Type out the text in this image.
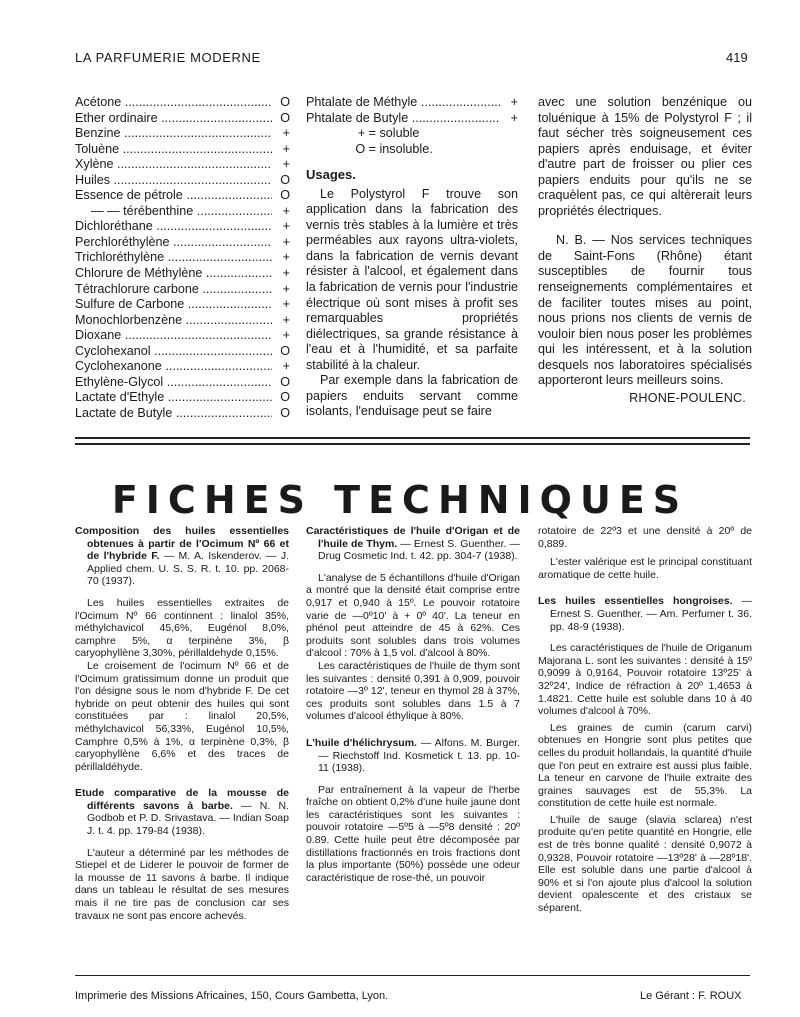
LA PARFUMERIE MODERNE	419
Acétone .....	O
Ether ordinaire .....	O
Benzine .....	+
Toluène .....	+
Xylène .....	+
Huiles .....	O
Essence de pétrole .....	O
— — térébenthine .....	+
Dichloréthane .....	+
Perchloréthylène .....	+
Trichloréthylène .....	+
Chlorure de Méthylène .....	+
Tétrachlorure carbone .....	+
Sulfure de Carbone .....	+
Monochlorbenzène .....	+
Dioxane .....	+
Cyclohexanol .....	O
Cyclohexanone .....	+
Ethylène-Glycol .....	O
Lactate d'Ethyle .....	O
Lactate de Butyle .....	O
Phtalate de Méthyle .....	+
Phtalate de Butyle .....	+
+ = soluble
O = insoluble.
Usages.

Le Polystyrol F trouve son application dans la fabrication des vernis très stables à la lumière et très perméables aux rayons ultra-violets, dans la fabrication de vernis devant résister à l'alcool, et également dans la fabrication de vernis pour l'industrie électrique où sont mises à profit ses remarquables propriétés diélectriques, sa grande résistance à l'eau et à l'humidité, et sa parfaite stabilité à la chaleur.

Par exemple dans la fabrication de papiers enduits servant comme isolants, l'enduisage peut se faire

avec une solution benzénique ou toluénique à 15% de Polystyrol F ; il faut sécher très soigneusement ces papiers après enduisage, et éviter d'autre part de froisser ou plier ces papiers enduits pour qu'ils ne se craquèlent pas, ce qui altèrerait leurs propriétés électriques.

N. B. — Nos services techniques de Saint-Fons (Rhône) étant susceptibles de fournir tous renseignements complémentaires et de faciliter toutes mises au point, nous prions nos clients de vernis de vouloir bien nous poser les problèmes qui les intéressent, et à la solution desquels nos laboratoires spécialisés apporteront leurs meilleurs soins.

RHONE-POULENC.
FICHES TECHNIQUES

Composition des huiles essentielles obtenues à partir de l'Ocimum Nº 66 et de l'hybride F. — M. A. Iskenderov. — J. Applied chem. U. S. S. R. t. 10. pp. 2068-70 (1937).

Les huiles essentielles extraites de l'Ocimum Nº 66 continnent : linalol 35%, méthylchavicol 45,6%, Eugénol 8,0%, camphre 5%, α terpinène 3%, β caryophyllène 3,30%, périllaldehyde 0,15%.

Le croisement de l'ocimum Nº 66 et de l'Ocimum gratissimum donne un produit que l'on désigne sous le nom d'hybride F. De cet hybride on peut obtenir des huiles qui sont constituées par : linalol 20,5%, méthylchavicol 56,33%, Eugénol 10,5%, Camphre 0,5% à 1%, α terpinène 0,3%, β caryophyllène 6,6% et des traces de périllaldéhyde.

Etude comparative de la mousse de différents savons à barbe. — N. N. Godbob et P. D. Srivastava. — Indian Soap J. t. 4. pp. 179-84 (1938).

L'auteur a déterminé par les méthodes de Stiepel et de Liderer le pouvoir de former de la mousse de 11 savons à barbe. Il indique dans un tableau le résultat de ses mesures mais il ne tire pas de conclusion car ses travaux ne sont pas encore achevés.

Caractéristiques de l'huile d'Origan et de l'huile de Thym. — Ernest S. Guenther. — Drug Cosmetic Ind. t. 42. pp. 304-7 (1938).

L'analyse de 5 échantillons d'huile d'Origan a montré que la densité était comprise entre 0,917 et 0,940 à 15º. Le pouvoir rotatoire varie de —0º10' à + 0º 40'. La teneur en phénol peut atteindre de 45 à 62%. Ces produits sont solubles dans trois volumes d'alcool : 70% à 1,5 vol. d'alcool à 80%.

Les caractéristiques de l'huile de thym sont les suivantes : densité 0,391 à 0,909, pouvoir rotatoire —3º 12', teneur en thymol 28 à 37%, ces produits sont solubles dans 1.5 à 7 volumes d'alcool éthylique à 80%.

L'huile d'hélichrysum. — Alfons. M. Burger. — Riechstoff Ind. Kosmetick t. 13. pp. 10-11 (1938).

Par entraînement à la vapeur de l'herbe fraîche on obtient 0,2% d'une huile jaune dont les caractéristiques sont les suivantes : pouvoir rotatoire —5º5 à —5º8 densité : 20º 0.89. Cette huile peut être décomposée par distillations fractionnés en trois fractions dont la plus importante (50%) possède une odeur caractéristique de rose-thé, un pouvoir

rotatoire de 22º3 et une densité à 20º de 0,889.

L'ester valérique est le principal constituant aromatique de cette huile.

Les huiles essentielles hongroises. — Ernest S. Guenther. — Am. Perfumer t. 36. pp. 48-9 (1938).

Les caractéristiques de l'huile de Origanum Majorana L. sont les suivantes : densité à 15º 0,9099 à 0,9164, Pouvoir rotatoire 13º25' à 32º24', Indice de réfraction à 20º 1,4653 à 1.4821. Cette huile est soluble dans 10 à 40 volumes d'alcool à 70%.

Les graines de cumin (carum carvi) obtenues en Hongrie sont plus petites que celles du produit hollandais, la quantité d'huile que l'on peut en extraire est aussi plus faible. La teneur en carvone de l'huile extraite des graines sauvages est de 55,3%. La constitution de cette huile est normale.

L'huile de sauge (slavia sclarea) n'est produite qu'en petite quantité en Hongrie, elle est de très bonne qualité : densité 0,9072 à 0,9328, Pouvoir rotatoire —13º28' à —28º18'. Elle est soluble dans une partie d'alcool à 90% et si l'on ajoute plus d'alcool la solution devient opalescente et des cristaux se séparent.

Imprimerie des Missions Africaines, 150, Cours Gambetta, Lyon.	Le Gérant : F. ROUX
